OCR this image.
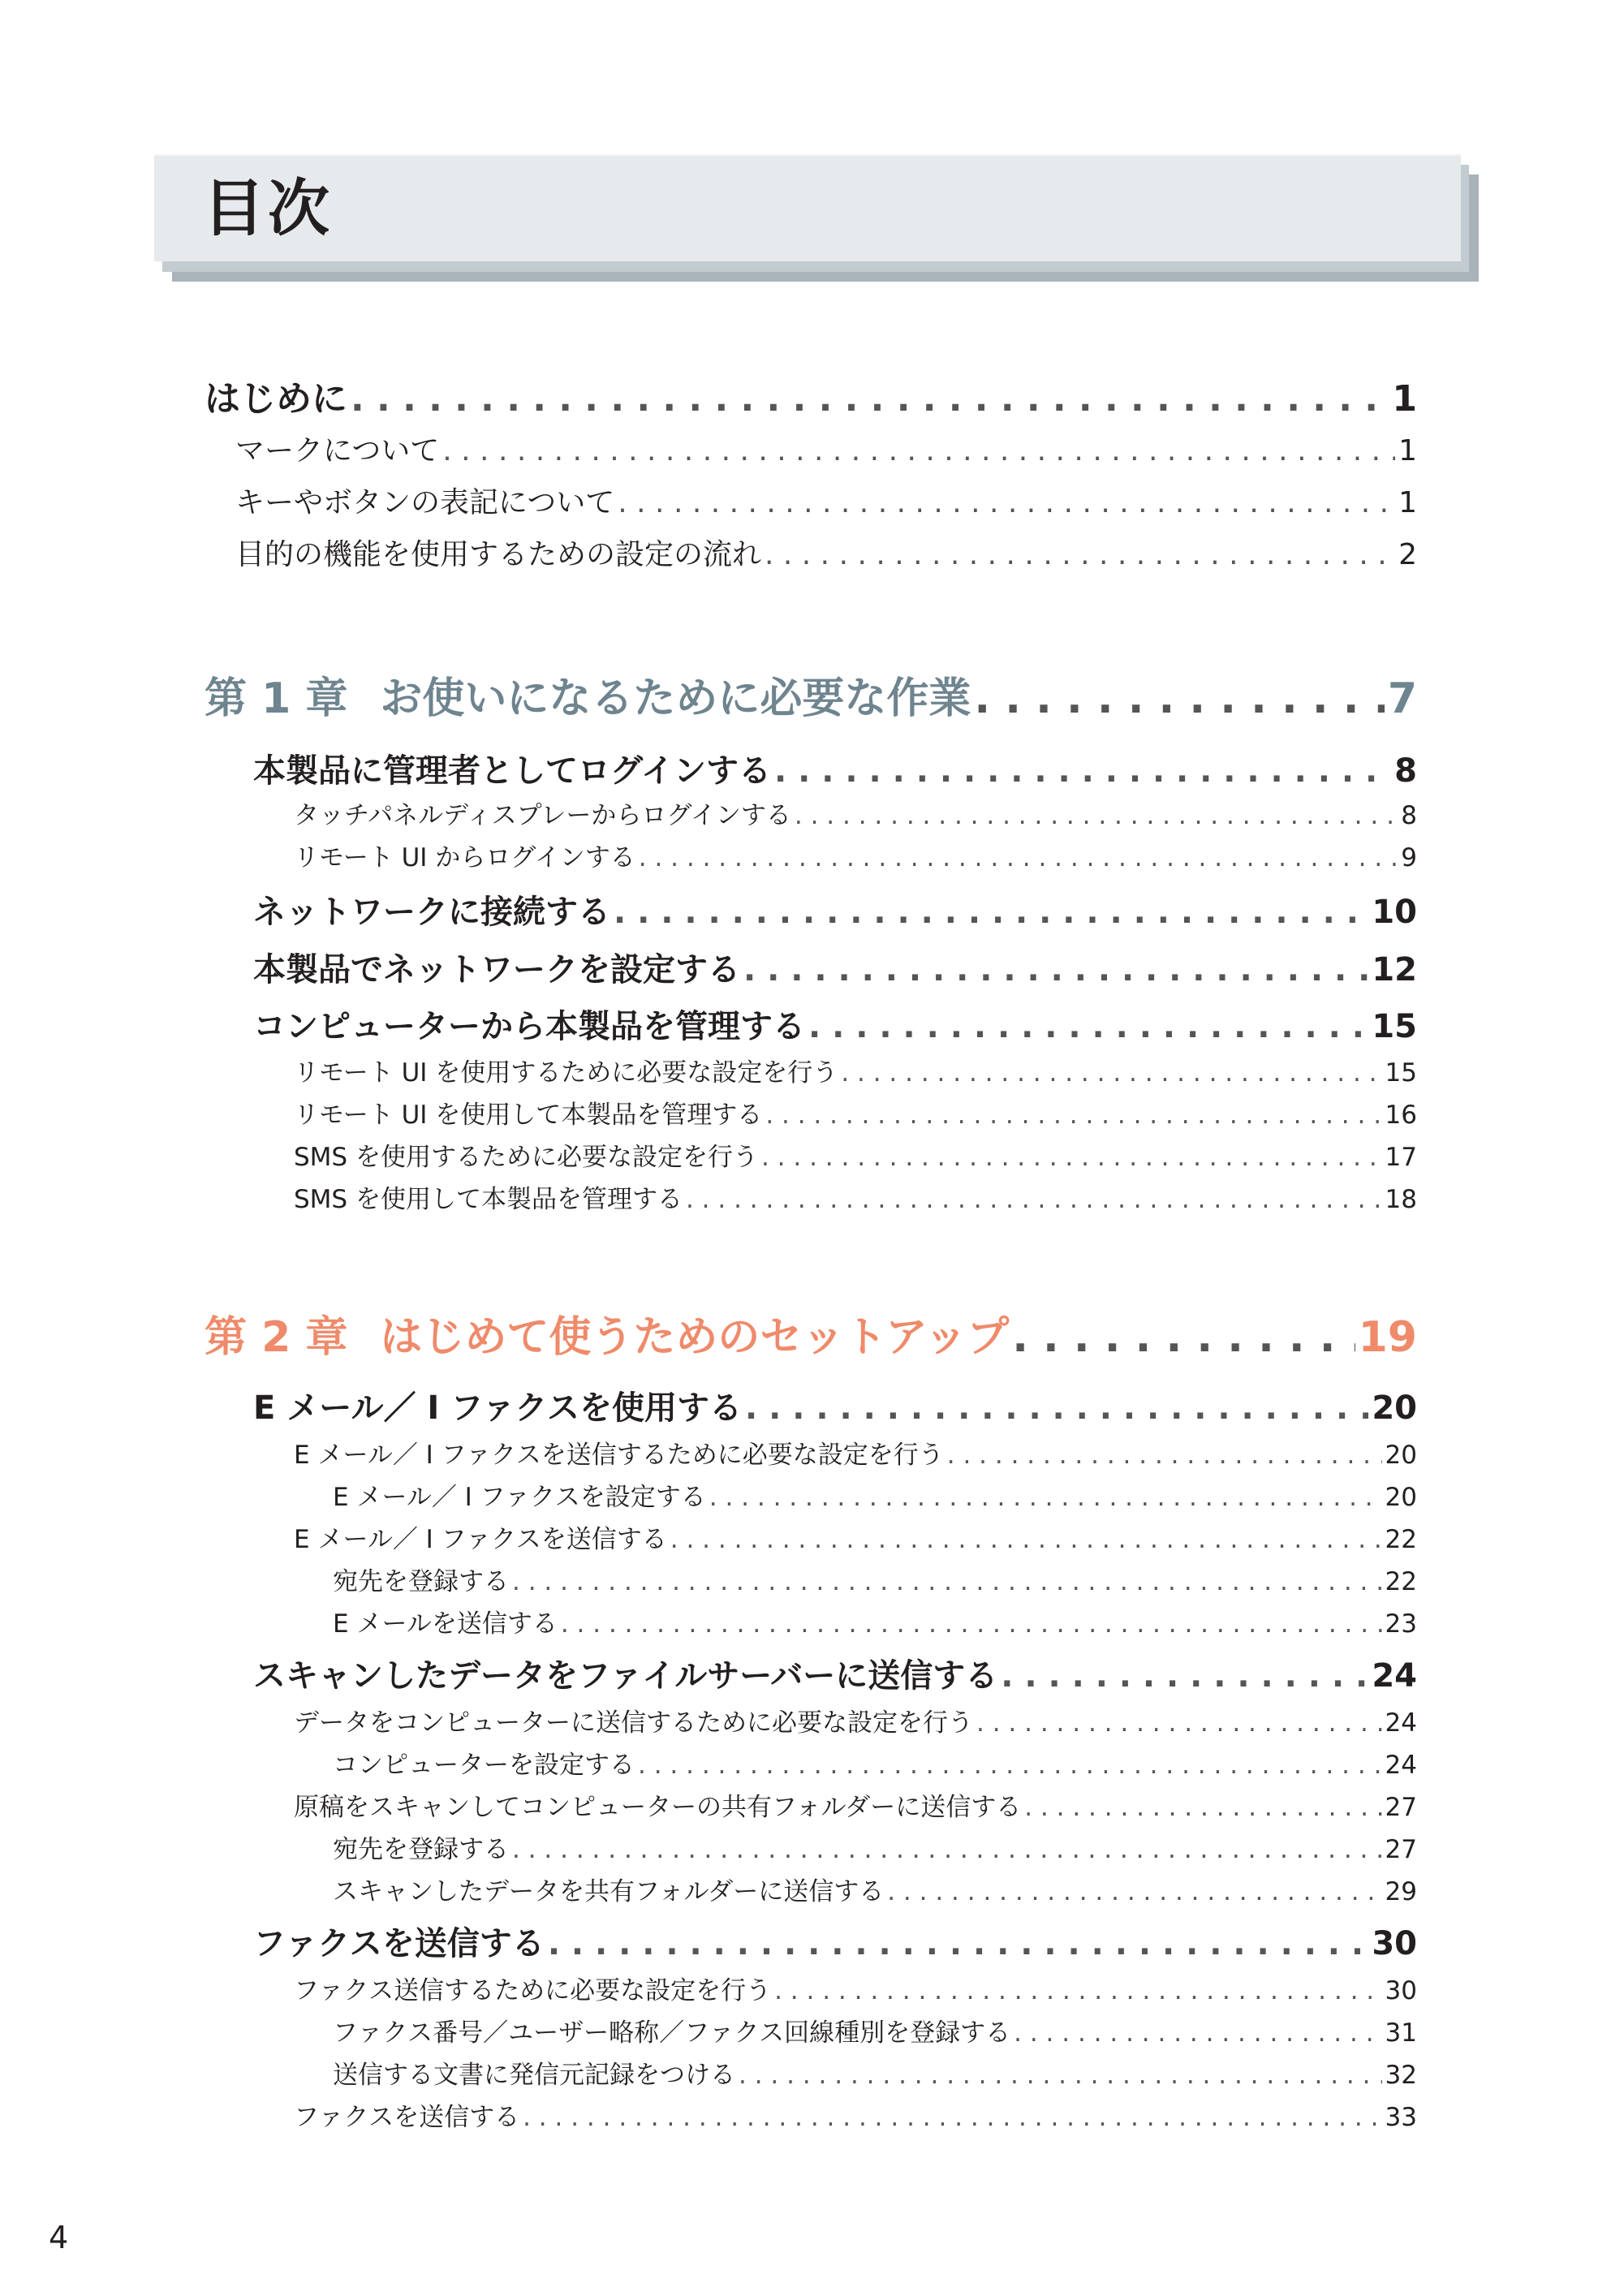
目次
はじめに . . .	1
マークについて . . .	1
キーやボタンの表記について . . .	1
目的の機能を使用するための設定の流れ . . .	2
第 1 章 お使いになるために必要な作業 . . .	7
本製品に管理者としてログインする . . .	8
タッチパネルディスプレーからログインする . . .	8
リモート UI からログインする . . .	9
ネットワークに接続する . . .	10
本製品でネットワークを設定する . . .	12
コンピューターから本製品を管理する . . .	15
リモート UI を使用するために必要な設定を行う . . .	15
リモート UI を使用して本製品を管理する . . .	16
SMS を使用するために必要な設定を行う . . .	17
SMS を使用して本製品を管理する . . .	18
第 2 章 はじめて使うためのセットアップ . . .	19
E メール／ I ファクスを使用する . . .	20
E メール／ I ファクスを送信するために必要な設定を行う . . .	20
E メール／ I ファクスを設定する . . .	20
E メール／ I ファクスを送信する . . .	22
宛先を登録する . . .	22
E メールを送信する . . .	23
スキャンしたデータをファイルサーバーに送信する . . .	24
データをコンピューターに送信するために必要な設定を行う . . .	24
コンピューターを設定する . . .	24
原稿をスキャンしてコンピューターの共有フォルダーに送信する . . .	27
宛先を登録する . . .	27
スキャンしたデータを共有フォルダーに送信する . . .	29
ファクスを送信する . . .	30
ファクス送信するために必要な設定を行う . . .	30
ファクス番号／ユーザー略称／ファクス回線種別を登録する . . .	31
送信する文書に発信元記録をつける . . .	32
ファクスを送信する . . .	33
4
